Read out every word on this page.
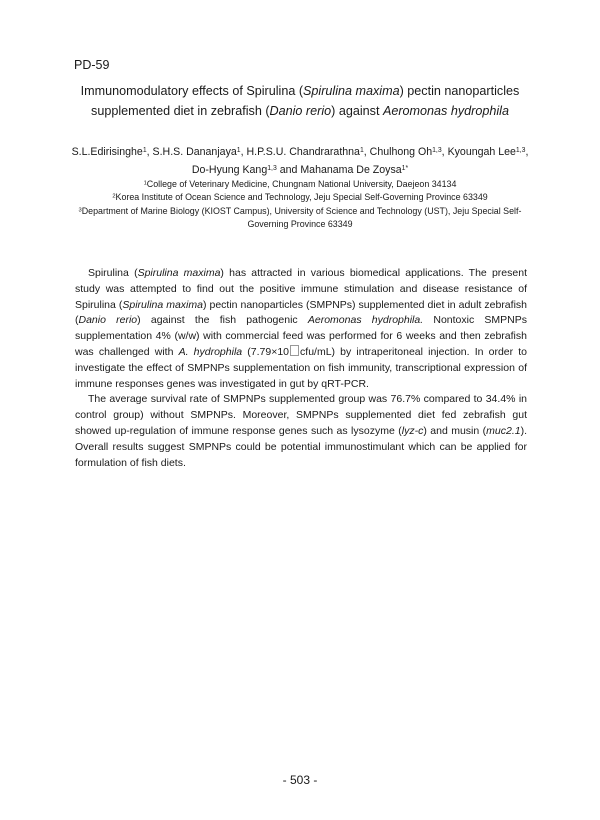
PD-59
Immunomodulatory effects of Spirulina (Spirulina maxima) pectin nanoparticles
supplemented diet in zebrafish (Danio rerio) against Aeromonas hydrophila
S.L.Edirisinghe$^1$, S.H.S. Dananjaya$^1$, H.P.S.U. Chandrarathna$^1$, Chulhong Oh$^{1,3}$, Kyoungah Lee$^{1,3}$,
Do-Hyung Kang$^{1,3}$ and Mahanama De Zoysa$^{1*}$
$^1$College of Veterinary Medicine, Chungnam National University, Daejeon 34134
$^2$Korea Institute of Ocean Science and Technology, Jeju Special Self-Governing Province 63349
$^3$Department of Marine Biology (KIOST Campus), University of Science and Technology (UST), Jeju Special Self-Governing Province 63349

Spirulina (Spirulina maxima) has attracted in various biomedical applications. The present study was attempted to find out the positive immune stimulation and disease resistance of Spirulina (Spirulina maxima) pectin nanoparticles (SMPNPs) supplemented diet in adult zebrafish (Danio rerio) against the fish pathogenic Aeromonas hydrophila. Nontoxic SMPNPs supplementation 4% (w/w) with commercial feed was performed for 6 weeks and then zebrafish was challenged with A. hydrophila (7.79×10 cfu/mL) by intraperitoneal injection. In order to investigate the effect of SMPNPs supplementation on fish immunity, transcriptional expression of immune responses genes was investigated in gut by qRT-PCR.

The average survival rate of SMPNPs supplemented group was 76.7% compared to 34.4% in control group) without SMPNPs. Moreover, SMPNPs supplemented diet fed zebrafish gut showed up-regulation of immune response genes such as lysozyme (lyz-c) and musin (muc2.1). Overall results suggest SMPNPs could be potential immunostimulant which can be applied for formulation of fish diets.

- 503 -
